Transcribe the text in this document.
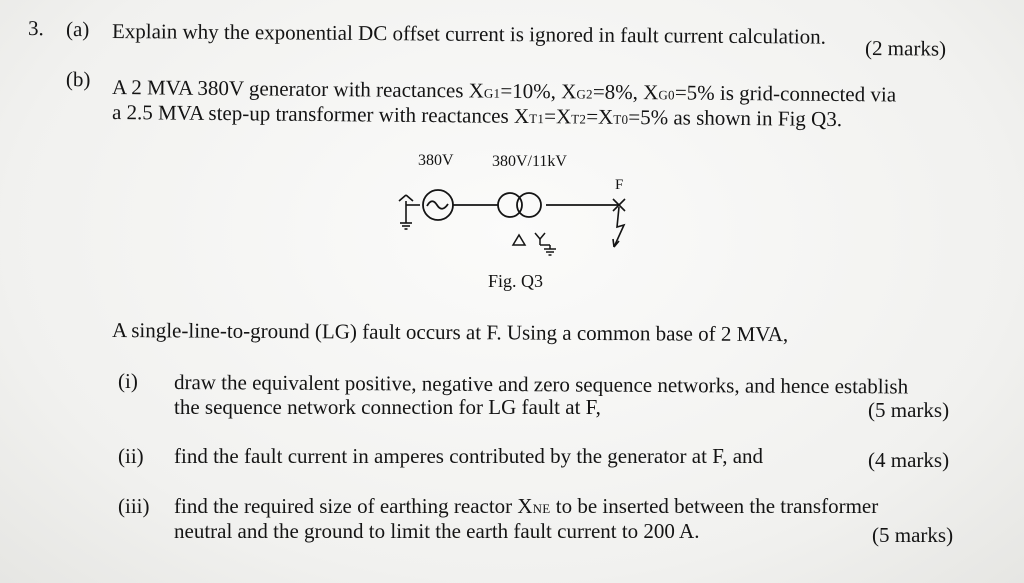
3. (a) Explain why the exponential DC offset current is ignored in fault current calculation. (2 marks)
(b) A 2 MVA 380V generator with reactances XG1=10%, XG2=8%, XG0=5% is grid-connected via
a 2.5 MVA step-up transformer with reactances XT1=XT2=XT0=5% as shown in Fig Q3.
380V 380V/11kV
F
Fig. Q3
A single-line-to-ground (LG) fault occurs at F. Using a common base of 2 MVA,
(i) draw the equivalent positive, negative and zero sequence networks, and hence establish
the sequence network connection for LG fault at F,	(5 marks)
(ii) find the fault current in amperes contributed by the generator at F, and	(4 marks)
(iii) find the required size of earthing reactor XNE to be inserted between the transformer
neutral and the ground to limit the earth fault current to 200 A.	(5 marks)
